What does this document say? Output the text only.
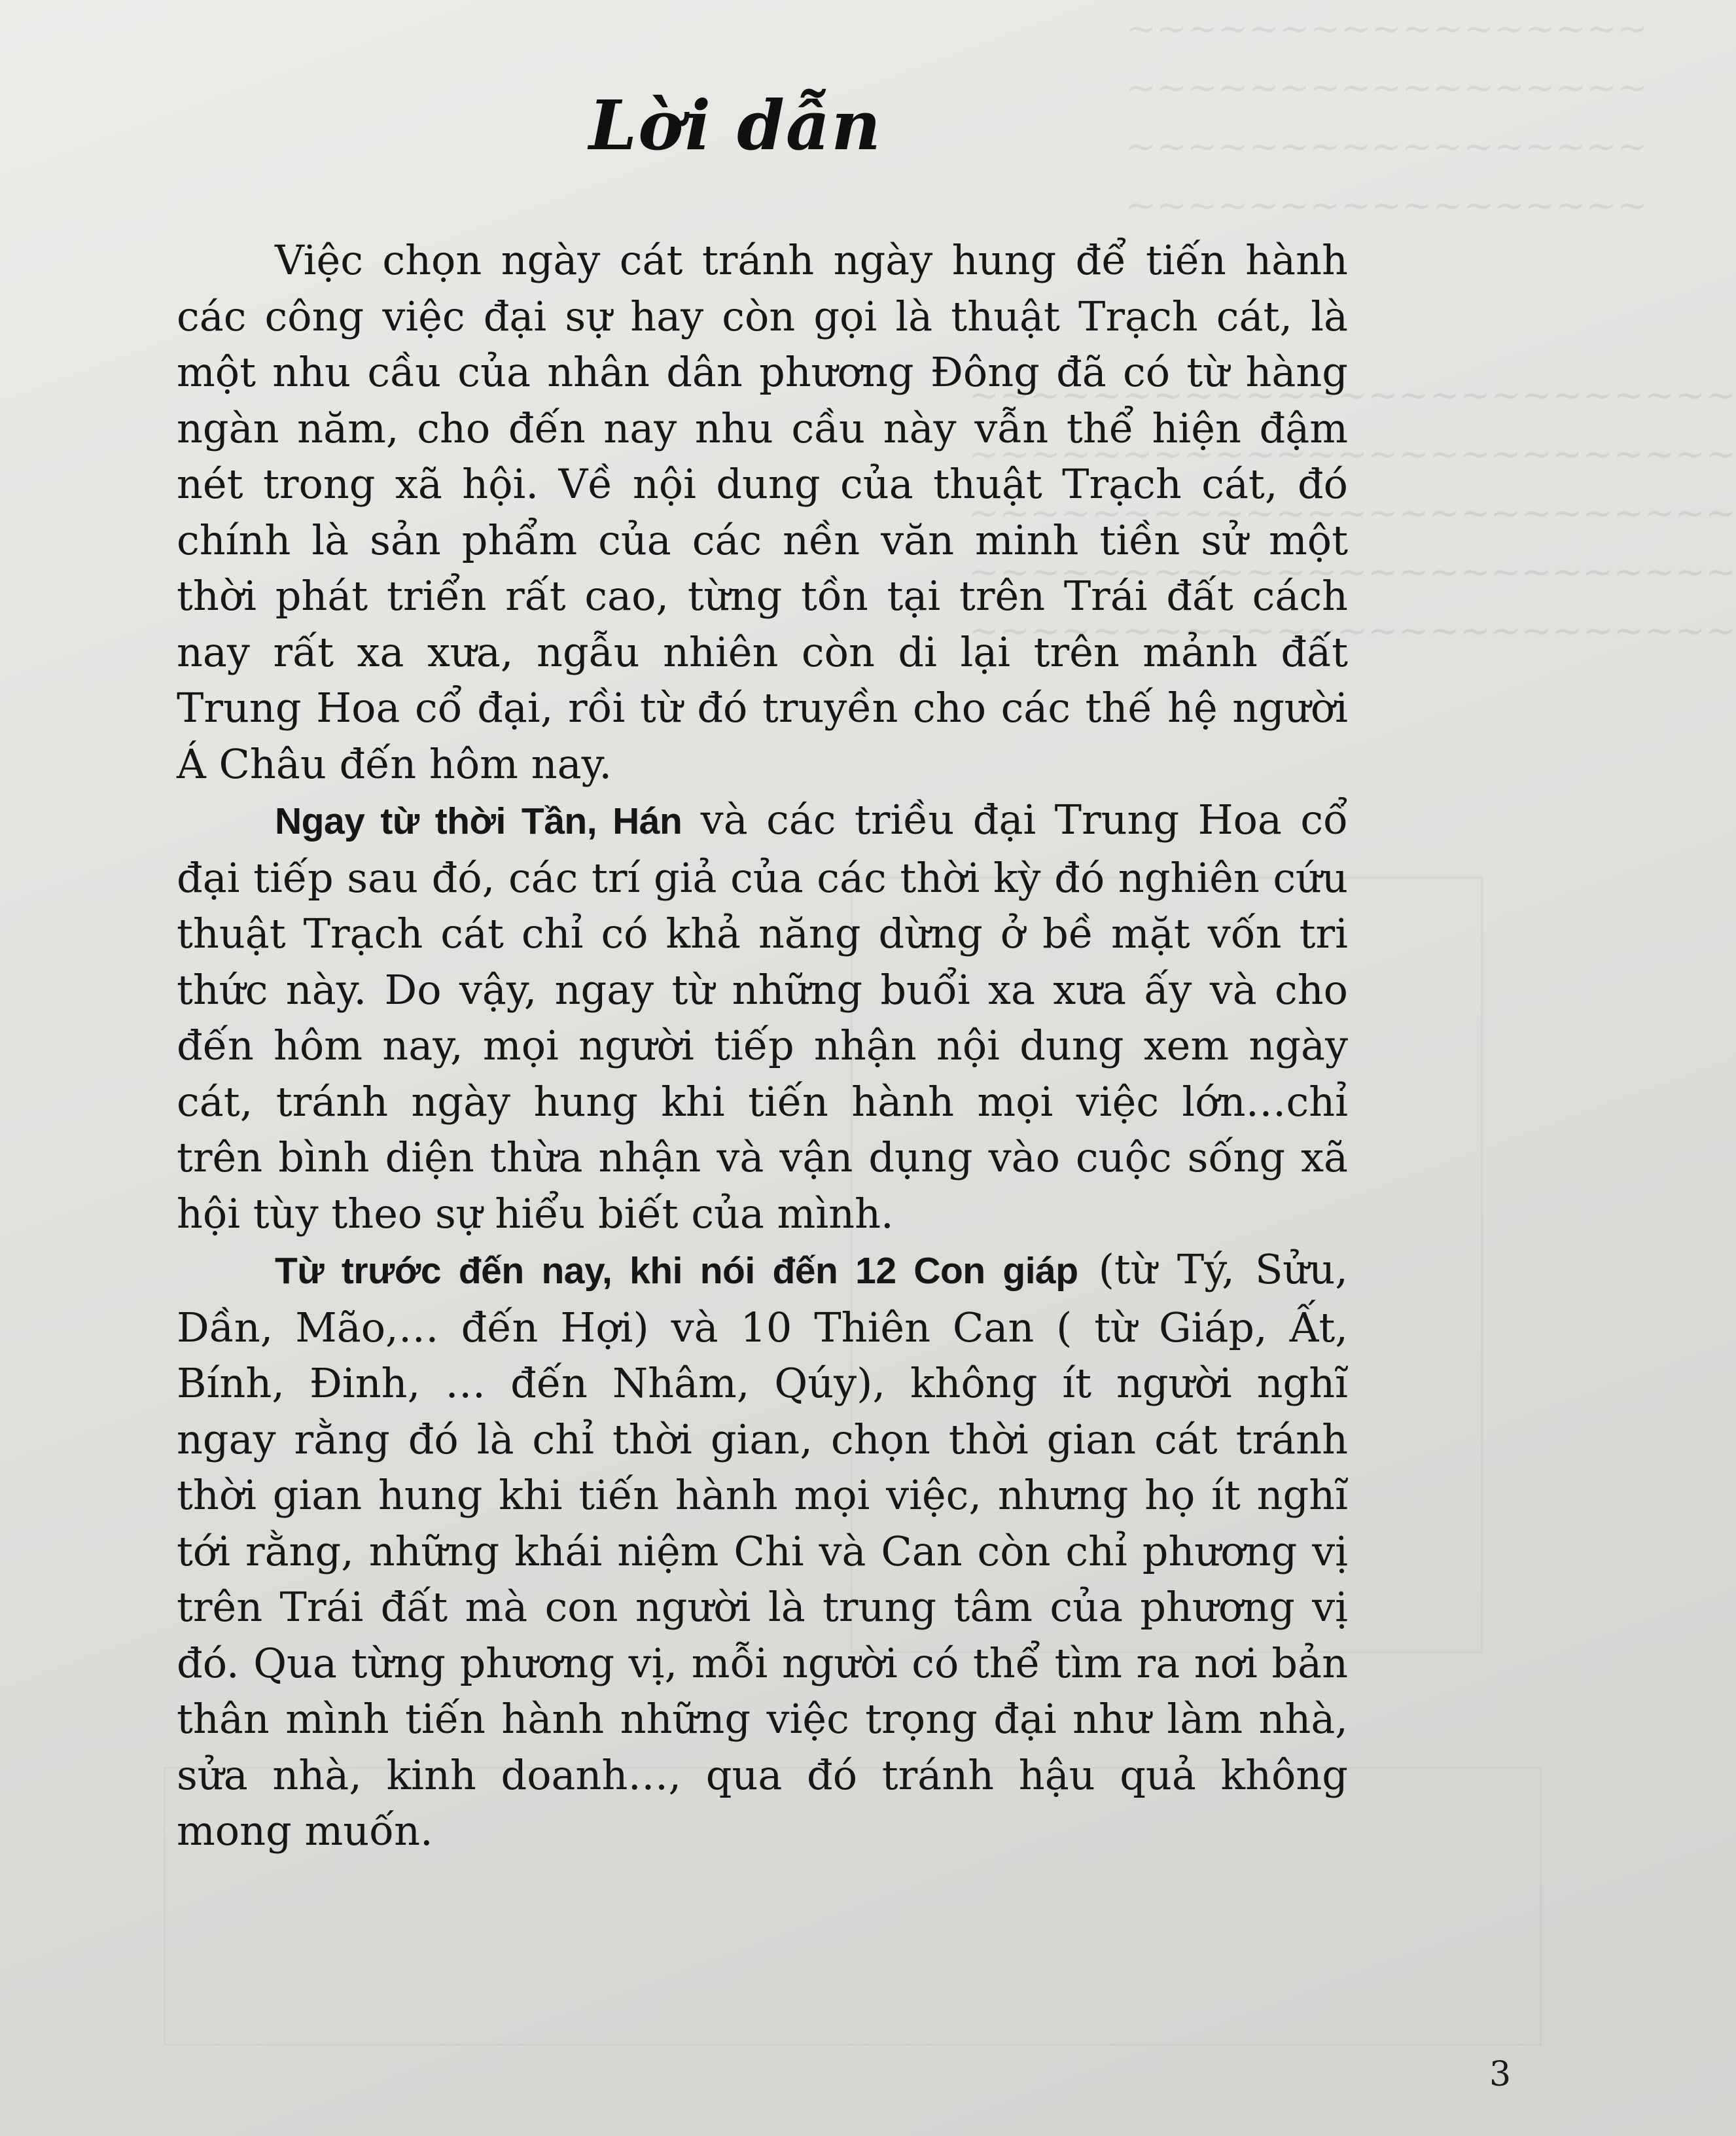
~~~~~~~~~~~~~~~~~
~~~~~~~~~~~~~~~~~
~~~~~~~~~~~~~~~~~
~~~~~~~~~~~~~~~~~
~~~~~~~~~~~~~~~~~~~~~~~~~
~~~~~~~~~~~~~~~~~~~~~~~~~
~~~~~~~~~~~~~~~~~~~~~~~~~
~~~~~~~~~~~~~~~~~~~~~~~~~
~~~~~~~~~~~~~~~~~~~~~~~~~
Lời dẫn

Việc chọn ngày cát tránh ngày hung để tiến hành các công việc đại sự hay còn gọi là thuật Trạch cát, là một nhu cầu của nhân dân phương Đông đã có từ hàng ngàn năm, cho đến nay nhu cầu này vẫn thể hiện đậm nét trong xã hội. Về nội dung của thuật Trạch cát, đó chính là sản phẩm của các nền văn minh tiền sử một thời phát triển rất cao, từng tồn tại trên Trái đất cách nay rất xa xưa, ngẫu nhiên còn di lại trên mảnh đất Trung Hoa cổ đại, rồi từ đó truyền cho các thế hệ người Á Châu đến hôm nay.

Ngay từ thời Tần, Hán và các triều đại Trung Hoa cổ đại tiếp sau đó, các trí giả của các thời kỳ đó nghiên cứu thuật Trạch cát chỉ có khả năng dừng ở bề mặt vốn tri thức này. Do vậy, ngay từ những buổi xa xưa ấy và cho đến hôm nay, mọi người tiếp nhận nội dung xem ngày cát, tránh ngày hung khi tiến hành mọi việc lớn…chỉ trên bình diện thừa nhận và vận dụng vào cuộc sống xã hội tùy theo sự hiểu biết của mình.

Từ trước đến nay, khi nói đến 12 Con giáp (từ Tý, Sửu, Dần, Mão,… đến Hợi) và 10 Thiên Can ( từ Giáp, Ất, Bính, Đinh, … đến Nhâm, Qúy), không ít người nghĩ ngay rằng đó là chỉ thời gian, chọn thời gian cát tránh thời gian hung khi tiến hành mọi việc, nhưng họ ít nghĩ tới rằng, những khái niệm Chi và Can còn chỉ phương vị trên Trái đất mà con người là trung tâm của phương vị đó. Qua từng phương vị, mỗi người có thể tìm ra nơi bản thân mình tiến hành những việc trọng đại như làm nhà, sửa nhà, kinh doanh…, qua đó tránh hậu quả không mong muốn.

3
